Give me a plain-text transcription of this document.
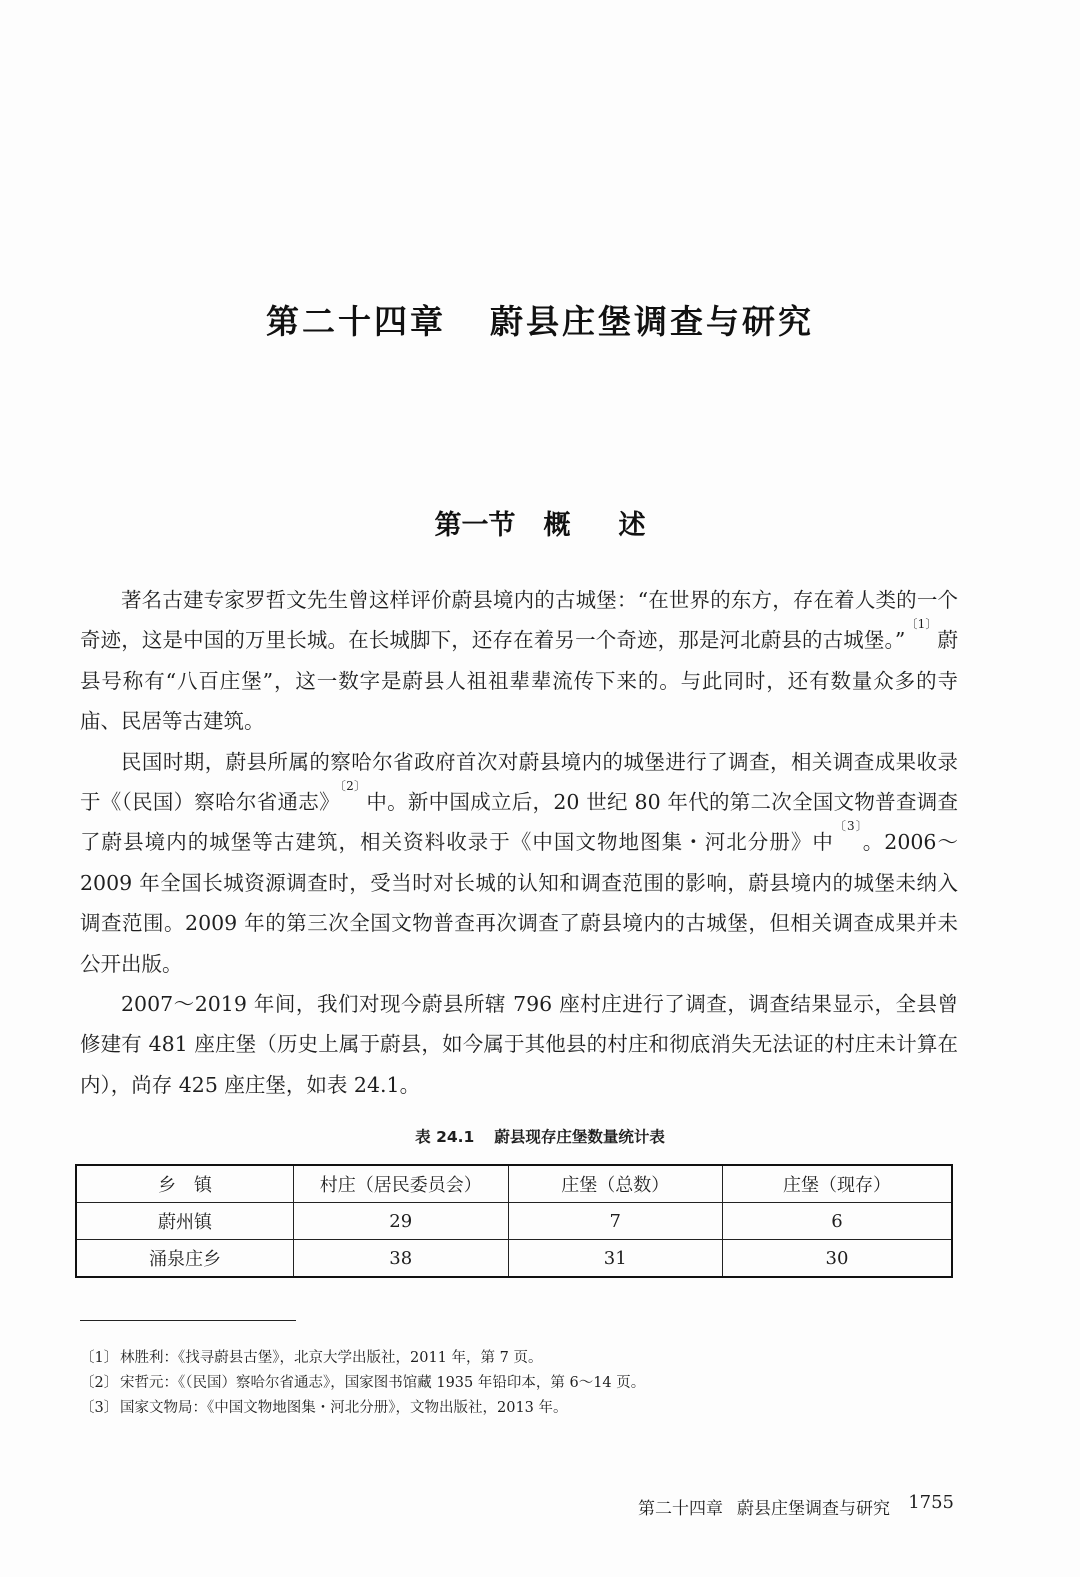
第二十四章 蔚县庄堡调查与研究
第一节 概 述

著名古建专家罗哲文先生曾这样评价蔚县境内的古城堡：“在世界的东方，存在着人类的一个奇迹，这是中国的万里长城。在长城脚下，还存在着另一个奇迹，那是河北蔚县的古城堡。”$^{〔1〕}$蔚县号称有“八百庄堡”，这一数字是蔚县人祖祖辈辈流传下来的。与此同时，还有数量众多的寺庙、民居等古建筑。

民国时期，蔚县所属的察哈尔省政府首次对蔚县境内的城堡进行了调查，相关调查成果收录于《（民国）察哈尔省通志》$^{〔2〕}$中。新中国成立后，20 世纪 80 年代的第二次全国文物普查调查了蔚县境内的城堡等古建筑，相关资料收录于《中国文物地图集・河北分册》中$^{〔3〕}$。2006～2009 年全国长城资源调查时，受当时对长城的认知和调查范围的影响，蔚县境内的城堡未纳入调查范围。2009 年的第三次全国文物普查再次调查了蔚县境内的古城堡，但相关调查成果并未公开出版。

2007～2019 年间，我们对现今蔚县所辖 796 座村庄进行了调查，调查结果显示，全县曾修建有 481 座庄堡（历史上属于蔚县，如今属于其他县的村庄和彻底消失无法证的村庄未计算在内），尚存 425 座庄堡，如表 24.1。

表 24.1 蔚县现存庄堡数量统计表
乡　镇	村庄（居民委员会）	庄堡（总数）	庄堡（现存）
蔚州镇	29	7	6
涌泉庄乡	38	31	30
〔1〕 林胜利：《找寻蔚县古堡》，北京大学出版社，2011 年，第 7 页。
〔2〕 宋哲元：《（民国）察哈尔省通志》，国家图书馆藏 1935 年铅印本，第 6～14 页。
〔3〕 国家文物局：《中国文物地图集・河北分册》，文物出版社，2013 年。
第二十四章 蔚县庄堡调查与研究 1755
